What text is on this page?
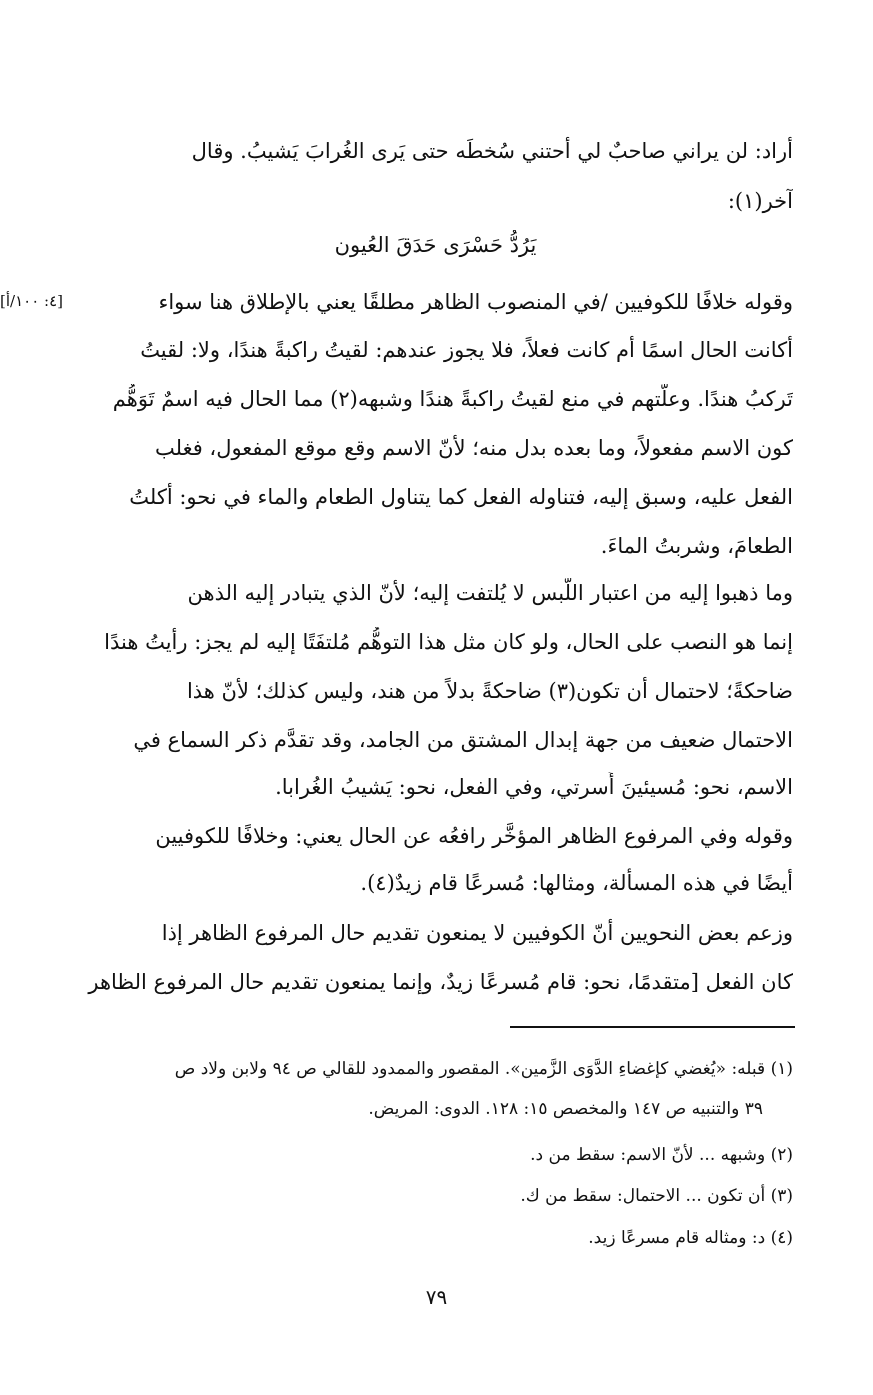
أراد: لن يراني صاحبٌ لي أحتني سُخطَه حتى يَرى الغُرابَ يَشيبُ. وقال
آخر(١):
يَرُدُّ حَسْرَى حَدَقَ العُيون
وقوله خلافًا للكوفيين /في المنصوب الظاهر مطلقًا يعني بالإطلاق هنا سواء
[٤: ١٠٠/أ]
أكانت الحال اسمًا أم كانت فعلاً، فلا يجوز عندهم: لقيتُ راكبةً هندًا، ولا: لقيتُ
تَركبُ هندًا. وعلّتهم في منع لقيتُ راكبةً هندًا وشبهه(٢) مما الحال فيه اسمٌ تَوَهُّم
كون الاسم مفعولاً، وما بعده بدل منه؛ لأنّ الاسم وقع موقع المفعول، فغلب
الفعل عليه، وسبق إليه، فتناوله الفعل كما يتناول الطعام والماء في نحو: أكلتُ
الطعامَ، وشربتُ الماءَ.
وما ذهبوا إليه من اعتبار اللَّبس لا يُلتفت إليه؛ لأنّ الذي يتبادر إليه الذهن
إنما هو النصب على الحال، ولو كان مثل هذا التوهُّم مُلتفَتًا إليه لم يجز: رأيتُ هندًا
ضاحكةً؛ لاحتمال أن تكون(٣) ضاحكةً بدلاً من هند، وليس كذلك؛ لأنّ هذا
الاحتمال ضعيف من جهة إبدال المشتق من الجامد، وقد تقدَّم ذكر السماع في
الاسم، نحو: مُسيئينَ أُسرتي، وفي الفعل، نحو: يَشيبُ الغُرابا.
وقوله وفي المرفوع الظاهر المؤخَّر رافعُه عن الحال يعني: وخلافًا للكوفيين
أيضًا في هذه المسألة، ومثالها: مُسرعًا قام زيدٌ(٤).
وزعم بعض النحويين أنّ الكوفيين لا يمنعون تقديم حال المرفوع الظاهر إذا
كان الفعل [متقدمًا، نحو: قام مُسرعًا زيدٌ، وإنما يمنعون تقديم حال المرفوع الظاهر
(١) قبله: «يُغضي كإغضاءِ الدَّوَى الزَّمين». المقصور والممدود للقالي ص ٩٤ ولابن ولاد ص
٣٩ والتنبيه ص ١٤٧ والمخصص ١٥: ١٢٨. الدوى: المريض.
(٢) وشبهه ... لأنّ الاسم: سقط من د.
(٣) أن تكون ... الاحتمال: سقط من ك.
(٤) د: ومثاله قام مسرعًا زيد.
٧٩
